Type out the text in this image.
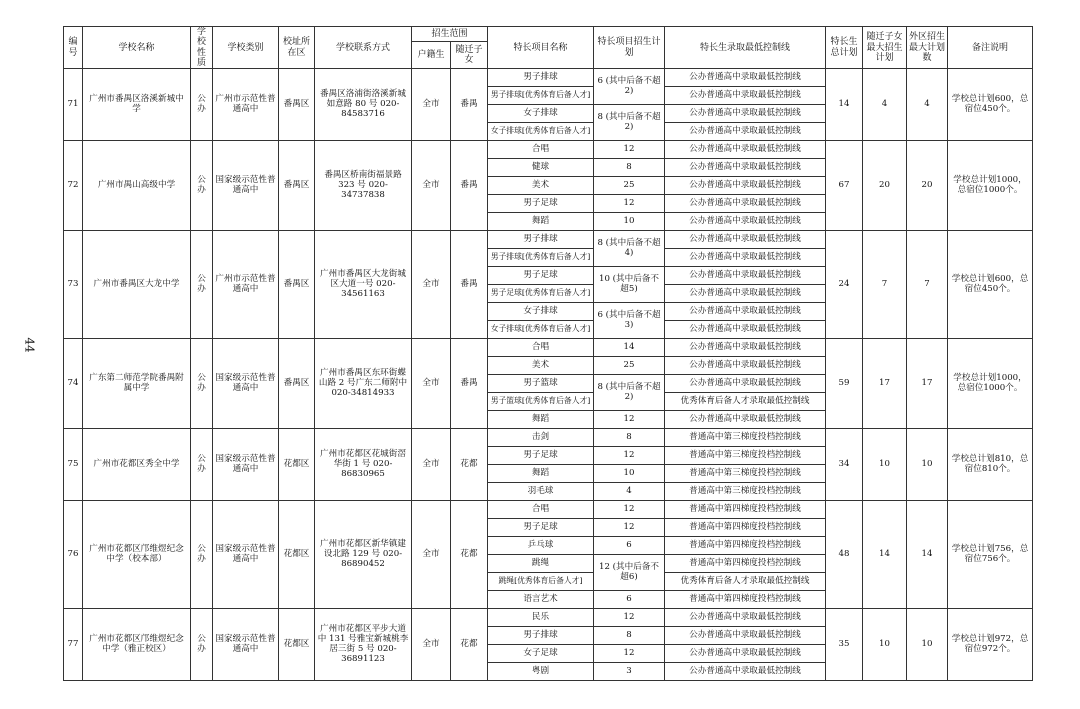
44
编号	学校名称	学校性质	学校类别	校址所在区	学校联系方式	招生范围		特长项目名称	特长项目招生计划	特长生录取最低控制线	特长生总计划	随迁子女最大招生计划	外区招生最大计划数	备注说明
						户籍生	随迁子女							
71	广州市番禺区洛溪新城中学	公办	广州市示范性普通高中	番禺区	番禺区洛浦街洛溪新城如意路 80 号 020-84583716	全市	番禺	男子排球	6 (其中后备不超2)	公办普通高中录取最低控制线	14	4	4	学校总计划600，总宿位450个。
								男子排球[优秀体育后备人才]		公办普通高中录取最低控制线				
								女子排球	8 (其中后备不超2)	公办普通高中录取最低控制线				
								女子排球[优秀体育后备人才]		公办普通高中录取最低控制线				
72	广州市禺山高级中学	公办	国家级示范性普通高中	番禺区	番禺区桥南街福景路 323 号 020-34737838	全市	番禺	合唱	12	公办普通高中录取最低控制线	67	20	20	学校总计划1000，总宿位1000个。
								健球	8	公办普通高中录取最低控制线				
								美术	25	公办普通高中录取最低控制线				
								男子足球	12	公办普通高中录取最低控制线				
								舞蹈	10	公办普通高中录取最低控制线				
73	广州市番禺区大龙中学	公办	广州市示范性普通高中	番禺区	广州市番禺区大龙街城区大道一号 020-34561163	全市	番禺	男子排球	8 (其中后备不超4)	公办普通高中录取最低控制线	24	7	7	学校总计划600，总宿位450个。
								男子排球[优秀体育后备人才]		公办普通高中录取最低控制线				
								男子足球	10 (其中后备不超5)	公办普通高中录取最低控制线				
								男子足球[优秀体育后备人才]		公办普通高中录取最低控制线				
								女子排球	6 (其中后备不超3)	公办普通高中录取最低控制线				
								女子排球[优秀体育后备人才]		公办普通高中录取最低控制线				
74	广东第二师范学院番禺附属中学	公办	国家级示范性普通高中	番禺区	广州市番禺区东环街蝶山路 2 号广东二师附中 020-34814933	全市	番禺	合唱	14	公办普通高中录取最低控制线	59	17	17	学校总计划1000，总宿位1000个。
								美术	25	公办普通高中录取最低控制线				
								男子篮球	8 (其中后备不超2)	公办普通高中录取最低控制线				
								男子篮球[优秀体育后备人才]		优秀体育后备人才录取最低控制线				
								舞蹈	12	公办普通高中录取最低控制线				
75	广州市花都区秀全中学	公办	国家级示范性普通高中	花都区	广州市花都区花城街滘华街 1 号 020-86830965	全市	花都	击剑	8	普通高中第三梯度投档控制线	34	10	10	学校总计划810，总宿位810个。
								男子足球	12	普通高中第三梯度投档控制线				
								舞蹈	10	普通高中第三梯度投档控制线				
								羽毛球	4	普通高中第三梯度投档控制线				
76	广州市花都区邝维煜纪念中学（校本部）	公办	国家级示范性普通高中	花都区	广州市花都区新华镇建设北路 129 号 020-86890452	全市	花都	合唱	12	普通高中第四梯度投档控制线	48	14	14	学校总计划756，总宿位756个。
								男子足球	12	普通高中第四梯度投档控制线				
								乒乓球	6	普通高中第四梯度投档控制线				
								跳绳	12 (其中后备不超6)	普通高中第四梯度投档控制线				
								跳绳[优秀体育后备人才]		优秀体育后备人才录取最低控制线				
								语言艺术	6	普通高中第四梯度投档控制线				
77	广州市花都区邝维煜纪念中学（雅正校区）	公办	国家级示范性普通高中	花都区	广州市花都区平步大道中 131 号雅宝新城桃李居三街 5 号 020-36891123	全市	花都	民乐	12	公办普通高中录取最低控制线	35	10	10	学校总计划972，总宿位972个。
								男子排球	8	公办普通高中录取最低控制线				
								女子足球	12	公办普通高中录取最低控制线				
								粤剧	3	公办普通高中录取最低控制线				
